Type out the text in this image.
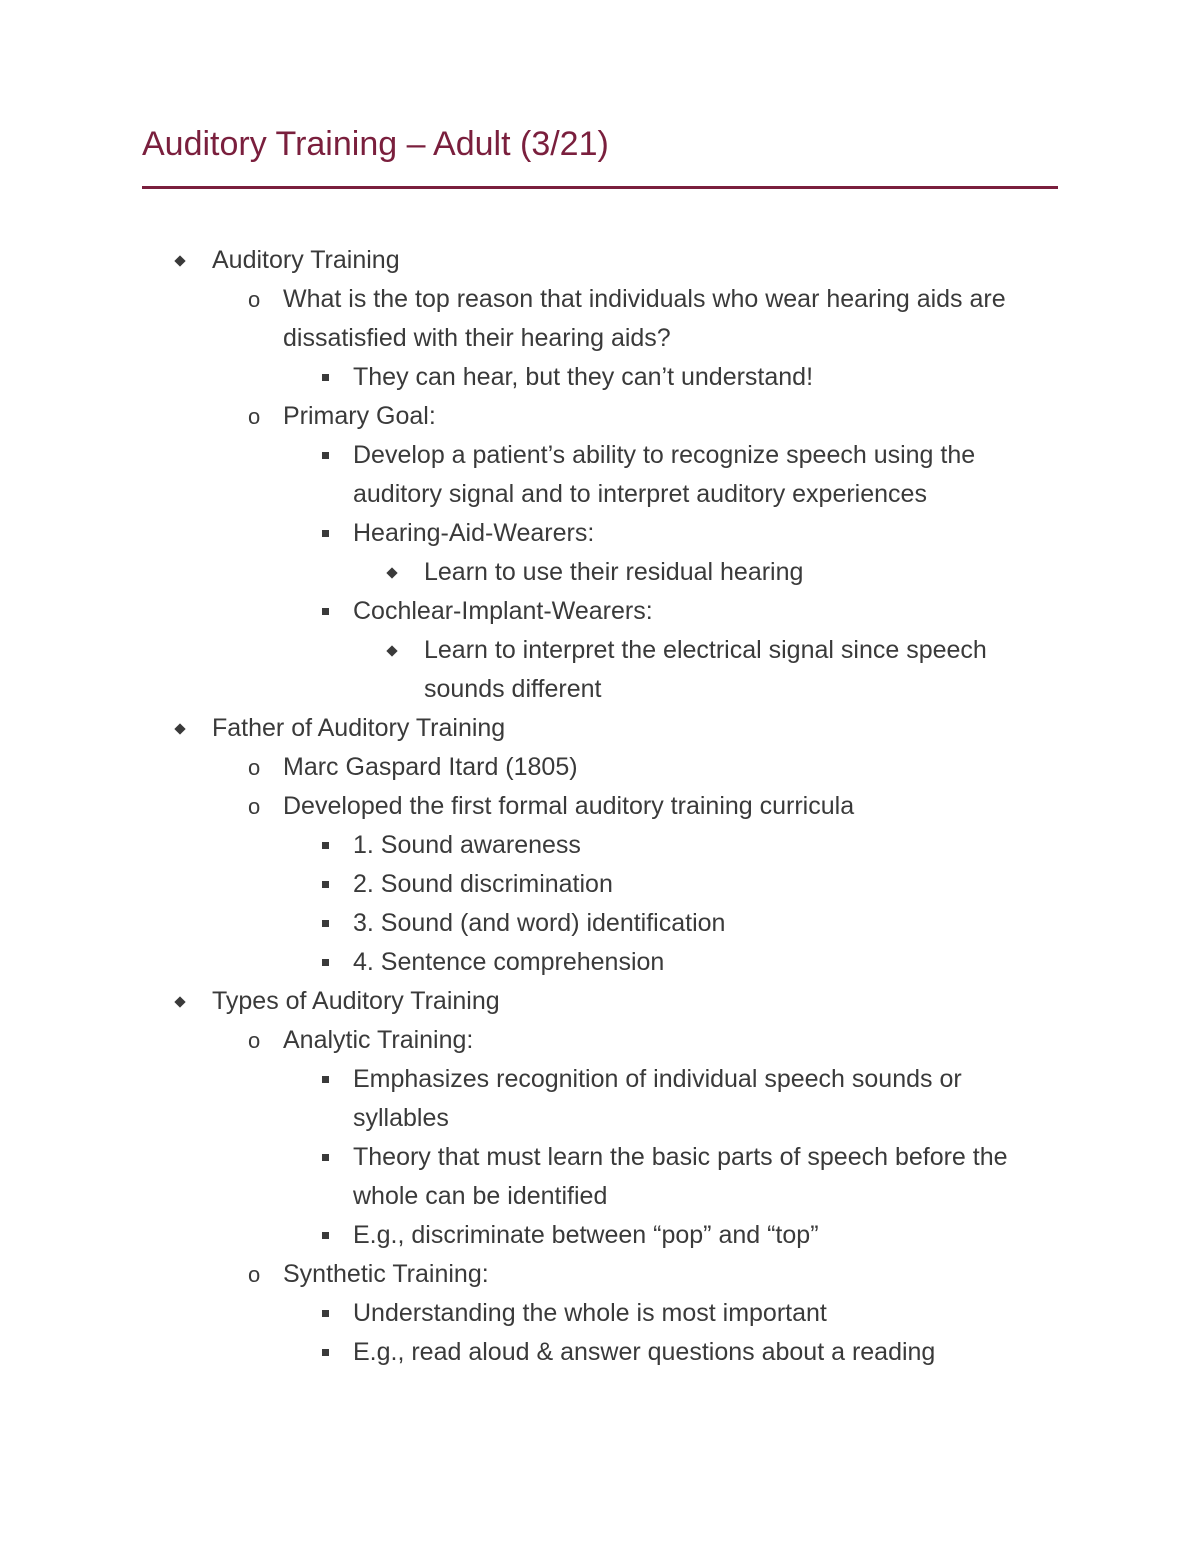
Auditory Training – Adult (3/21)
Auditory Training
o What is the top reason that individuals who wear hearing aids are dissatisfied with their hearing aids?
They can hear, but they can’t understand!
o Primary Goal:
Develop a patient’s ability to recognize speech using the auditory signal and to interpret auditory experiences
Hearing-Aid-Wearers:
Learn to use their residual hearing
Cochlear-Implant-Wearers:
Learn to interpret the electrical signal since speech sounds different
Father of Auditory Training
o Marc Gaspard Itard (1805)
o Developed the first formal auditory training curricula
1. Sound awareness
2. Sound discrimination
3. Sound (and word) identification
4. Sentence comprehension
Types of Auditory Training
o Analytic Training:
Emphasizes recognition of individual speech sounds or syllables
Theory that must learn the basic parts of speech before the whole can be identified
E.g., discriminate between “pop” and “top”
o Synthetic Training:
Understanding the whole is most important
E.g., read aloud & answer questions about a reading
